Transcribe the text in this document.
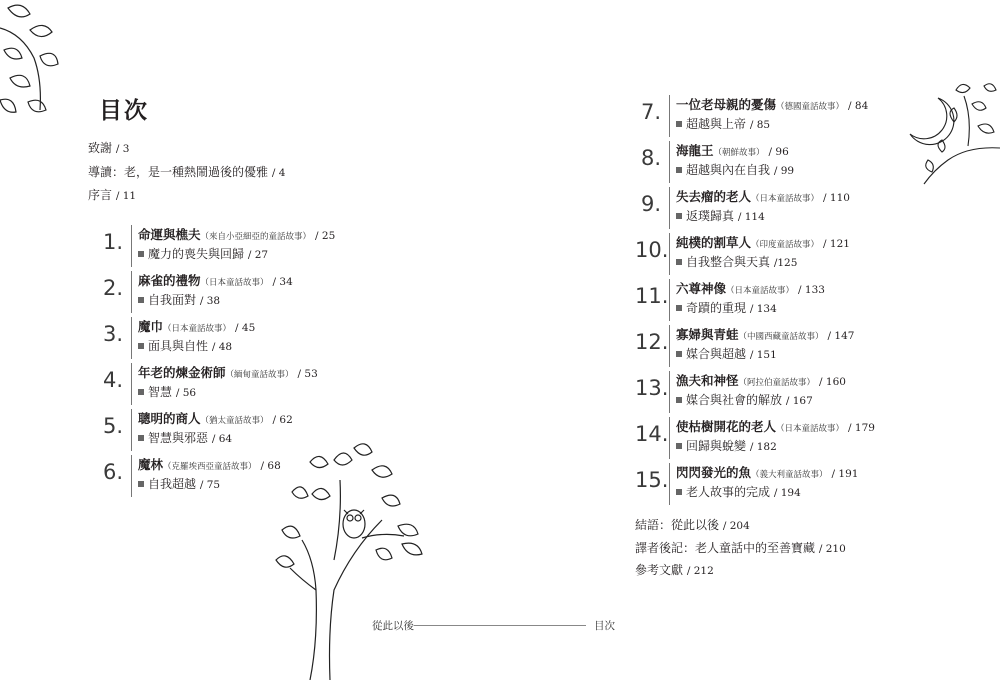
目次
致謝 / 3
導讀：老，是一種熱鬧過後的優雅 / 4
序言 / 11
1.	命運與樵夫（來自小亞細亞的童話故事） / 25
魔力的喪失與回歸 / 27
2.	麻雀的禮物（日本童話故事） / 34
自我面對 / 38
3.	魔巾（日本童話故事） / 45
面具與自性 / 48
4.	年老的煉金術師（緬甸童話故事） / 53
智慧 / 56
5.	聰明的商人（猶太童話故事） / 62
智慧與邪惡 / 64
6.	魔林（克羅埃西亞童話故事） / 68
自我超越 / 75
7.	一位老母親的憂傷（德國童話故事） / 84
超越與上帝 / 85
8.	海龍王（朝鮮故事） / 96
超越與內在自我 / 99
9.	失去瘤的老人（日本童話故事） / 110
返璞歸真 / 114
10. 純樸的割草人（印度童話故事） / 121
自我整合與天真 /125
11. 六尊神像（日本童話故事） / 133
奇蹟的重現 / 134
12. 寡婦與青蛙（中國西藏童話故事） / 147
媒合與超越 / 151
13. 漁夫和神怪（阿拉伯童話故事） / 160
媒合與社會的解放 / 167
14. 使枯樹開花的老人（日本童話故事） / 179
回歸與蛻變 / 182
15. 閃閃發光的魚（義大利童話故事） / 191
老人故事的完成 / 194
結語：從此以後 / 204
譯者後記：老人童話中的至善寶藏 / 210
參考文獻 / 212
從此以後	目次
